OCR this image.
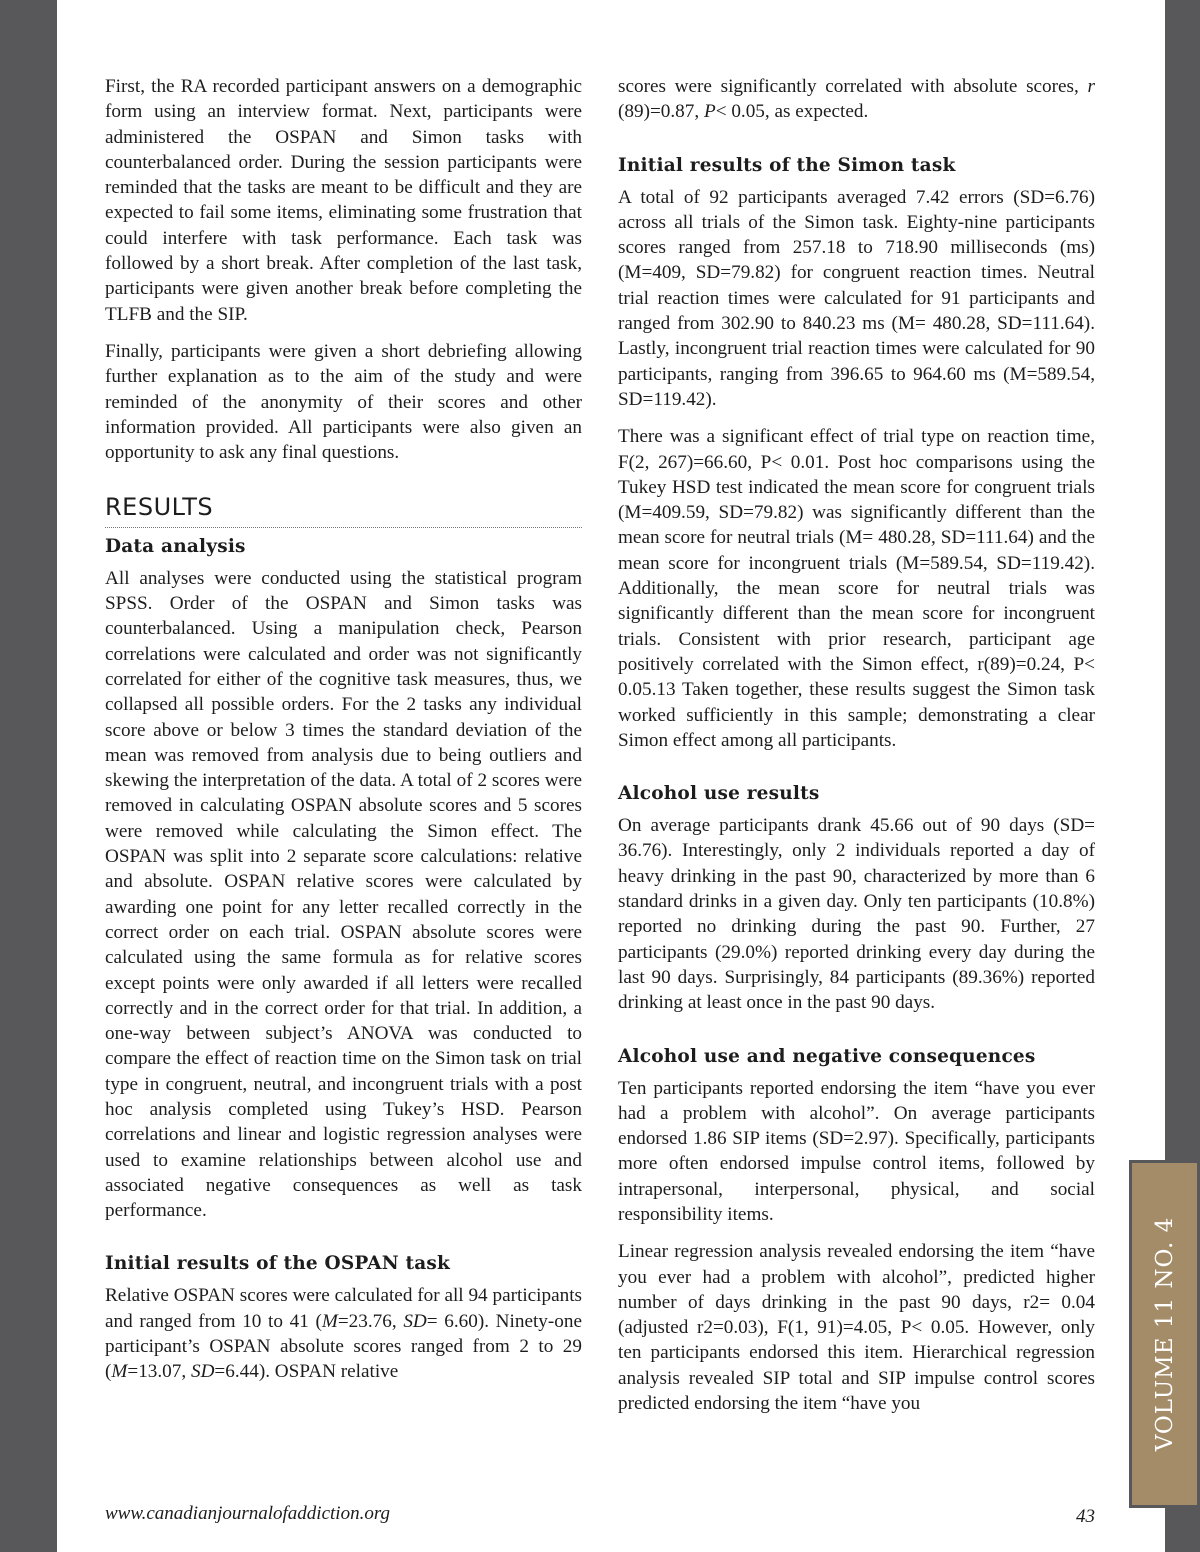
First, the RA recorded participant answers on a demographic form using an interview format. Next, participants were administered the OSPAN and Simon tasks with counterbalanced order. During the session participants were reminded that the tasks are meant to be difficult and they are expected to fail some items, eliminating some frustration that could interfere with task performance. Each task was followed by a short break. After completion of the last task, participants were given another break before completing the TLFB and the SIP.

Finally, participants were given a short debriefing allowing further explanation as to the aim of the study and were reminded of the anonymity of their scores and other information provided. All participants were also given an opportunity to ask any final questions.

RESULTS
Data analysis

All analyses were conducted using the statistical program SPSS. Order of the OSPAN and Simon tasks was counterbalanced. Using a manipulation check, Pearson correlations were calculated and order was not significantly correlated for either of the cognitive task measures, thus, we collapsed all possible orders. For the 2 tasks any individual score above or below 3 times the standard deviation of the mean was removed from analysis due to being outliers and skewing the interpretation of the data. A total of 2 scores were removed in calculating OSPAN absolute scores and 5 scores were removed while calculating the Simon effect. The OSPAN was split into 2 separate score calculations: relative and absolute. OSPAN relative scores were calculated by awarding one point for any letter recalled correctly in the correct order on each trial. OSPAN absolute scores were calculated using the same formula as for relative scores except points were only awarded if all letters were recalled correctly and in the correct order for that trial. In addition, a one-way between subject’s ANOVA was conducted to compare the effect of reaction time on the Simon task on trial type in congruent, neutral, and incongruent trials with a post hoc analysis completed using Tukey’s HSD. Pearson correlations and linear and logistic regression analyses were used to examine relationships between alcohol use and associated negative consequences as well as task performance.

Initial results of the OSPAN task

Relative OSPAN scores were calculated for all 94 participants and ranged from 10 to 41 (M=23.76, SD= 6.60). Ninety-one participant’s OSPAN absolute scores ranged from 2 to 29 (M=13.07, SD=6.44). OSPAN relative

scores were significantly correlated with absolute scores, r (89)=0.87, P< 0.05, as expected.

Initial results of the Simon task

A total of 92 participants averaged 7.42 errors (SD=6.76) across all trials of the Simon task. Eighty-nine participants scores ranged from 257.18 to 718.90 milliseconds (ms) (M=409, SD=79.82) for congruent reaction times. Neutral trial reaction times were calculated for 91 participants and ranged from 302.90 to 840.23 ms (M= 480.28, SD=111.64). Lastly, incongruent trial reaction times were calculated for 90 participants, ranging from 396.65 to 964.60 ms (M=589.54, SD=119.42).

There was a significant effect of trial type on reaction time, F(2, 267)=66.60, P< 0.01. Post hoc comparisons using the Tukey HSD test indicated the mean score for congruent trials (M=409.59, SD=79.82) was significantly different than the mean score for neutral trials (M= 480.28, SD=111.64) and the mean score for incongruent trials (M=589.54, SD=119.42). Additionally, the mean score for neutral trials was significantly different than the mean score for incongruent trials. Consistent with prior research, participant age positively correlated with the Simon effect, r(89)=0.24, P< 0.05.13 Taken together, these results suggest the Simon task worked sufficiently in this sample; demonstrating a clear Simon effect among all participants.

Alcohol use results

On average participants drank 45.66 out of 90 days (SD= 36.76). Interestingly, only 2 individuals reported a day of heavy drinking in the past 90, characterized by more than 6 standard drinks in a given day. Only ten participants (10.8%) reported no drinking during the past 90. Further, 27 participants (29.0%) reported drinking every day during the last 90 days. Surprisingly, 84 participants (89.36%) reported drinking at least once in the past 90 days.

Alcohol use and negative consequences

Ten participants reported endorsing the item “have you ever had a problem with alcohol”. On average participants endorsed 1.86 SIP items (SD=2.97). Specifically, participants more often endorsed impulse control items, followed by intrapersonal, interpersonal, physical, and social responsibility items.

Linear regression analysis revealed endorsing the item “have you ever had a problem with alcohol”, predicted higher number of days drinking in the past 90 days, r2= 0.04 (adjusted r2=0.03), F(1, 91)=4.05, P< 0.05. However, only ten participants endorsed this item. Hierarchical regression analysis revealed SIP total and SIP impulse control scores predicted endorsing the item “have you

www.canadianjournalofaddiction.org	43
VOLUME 11 NO. 4
